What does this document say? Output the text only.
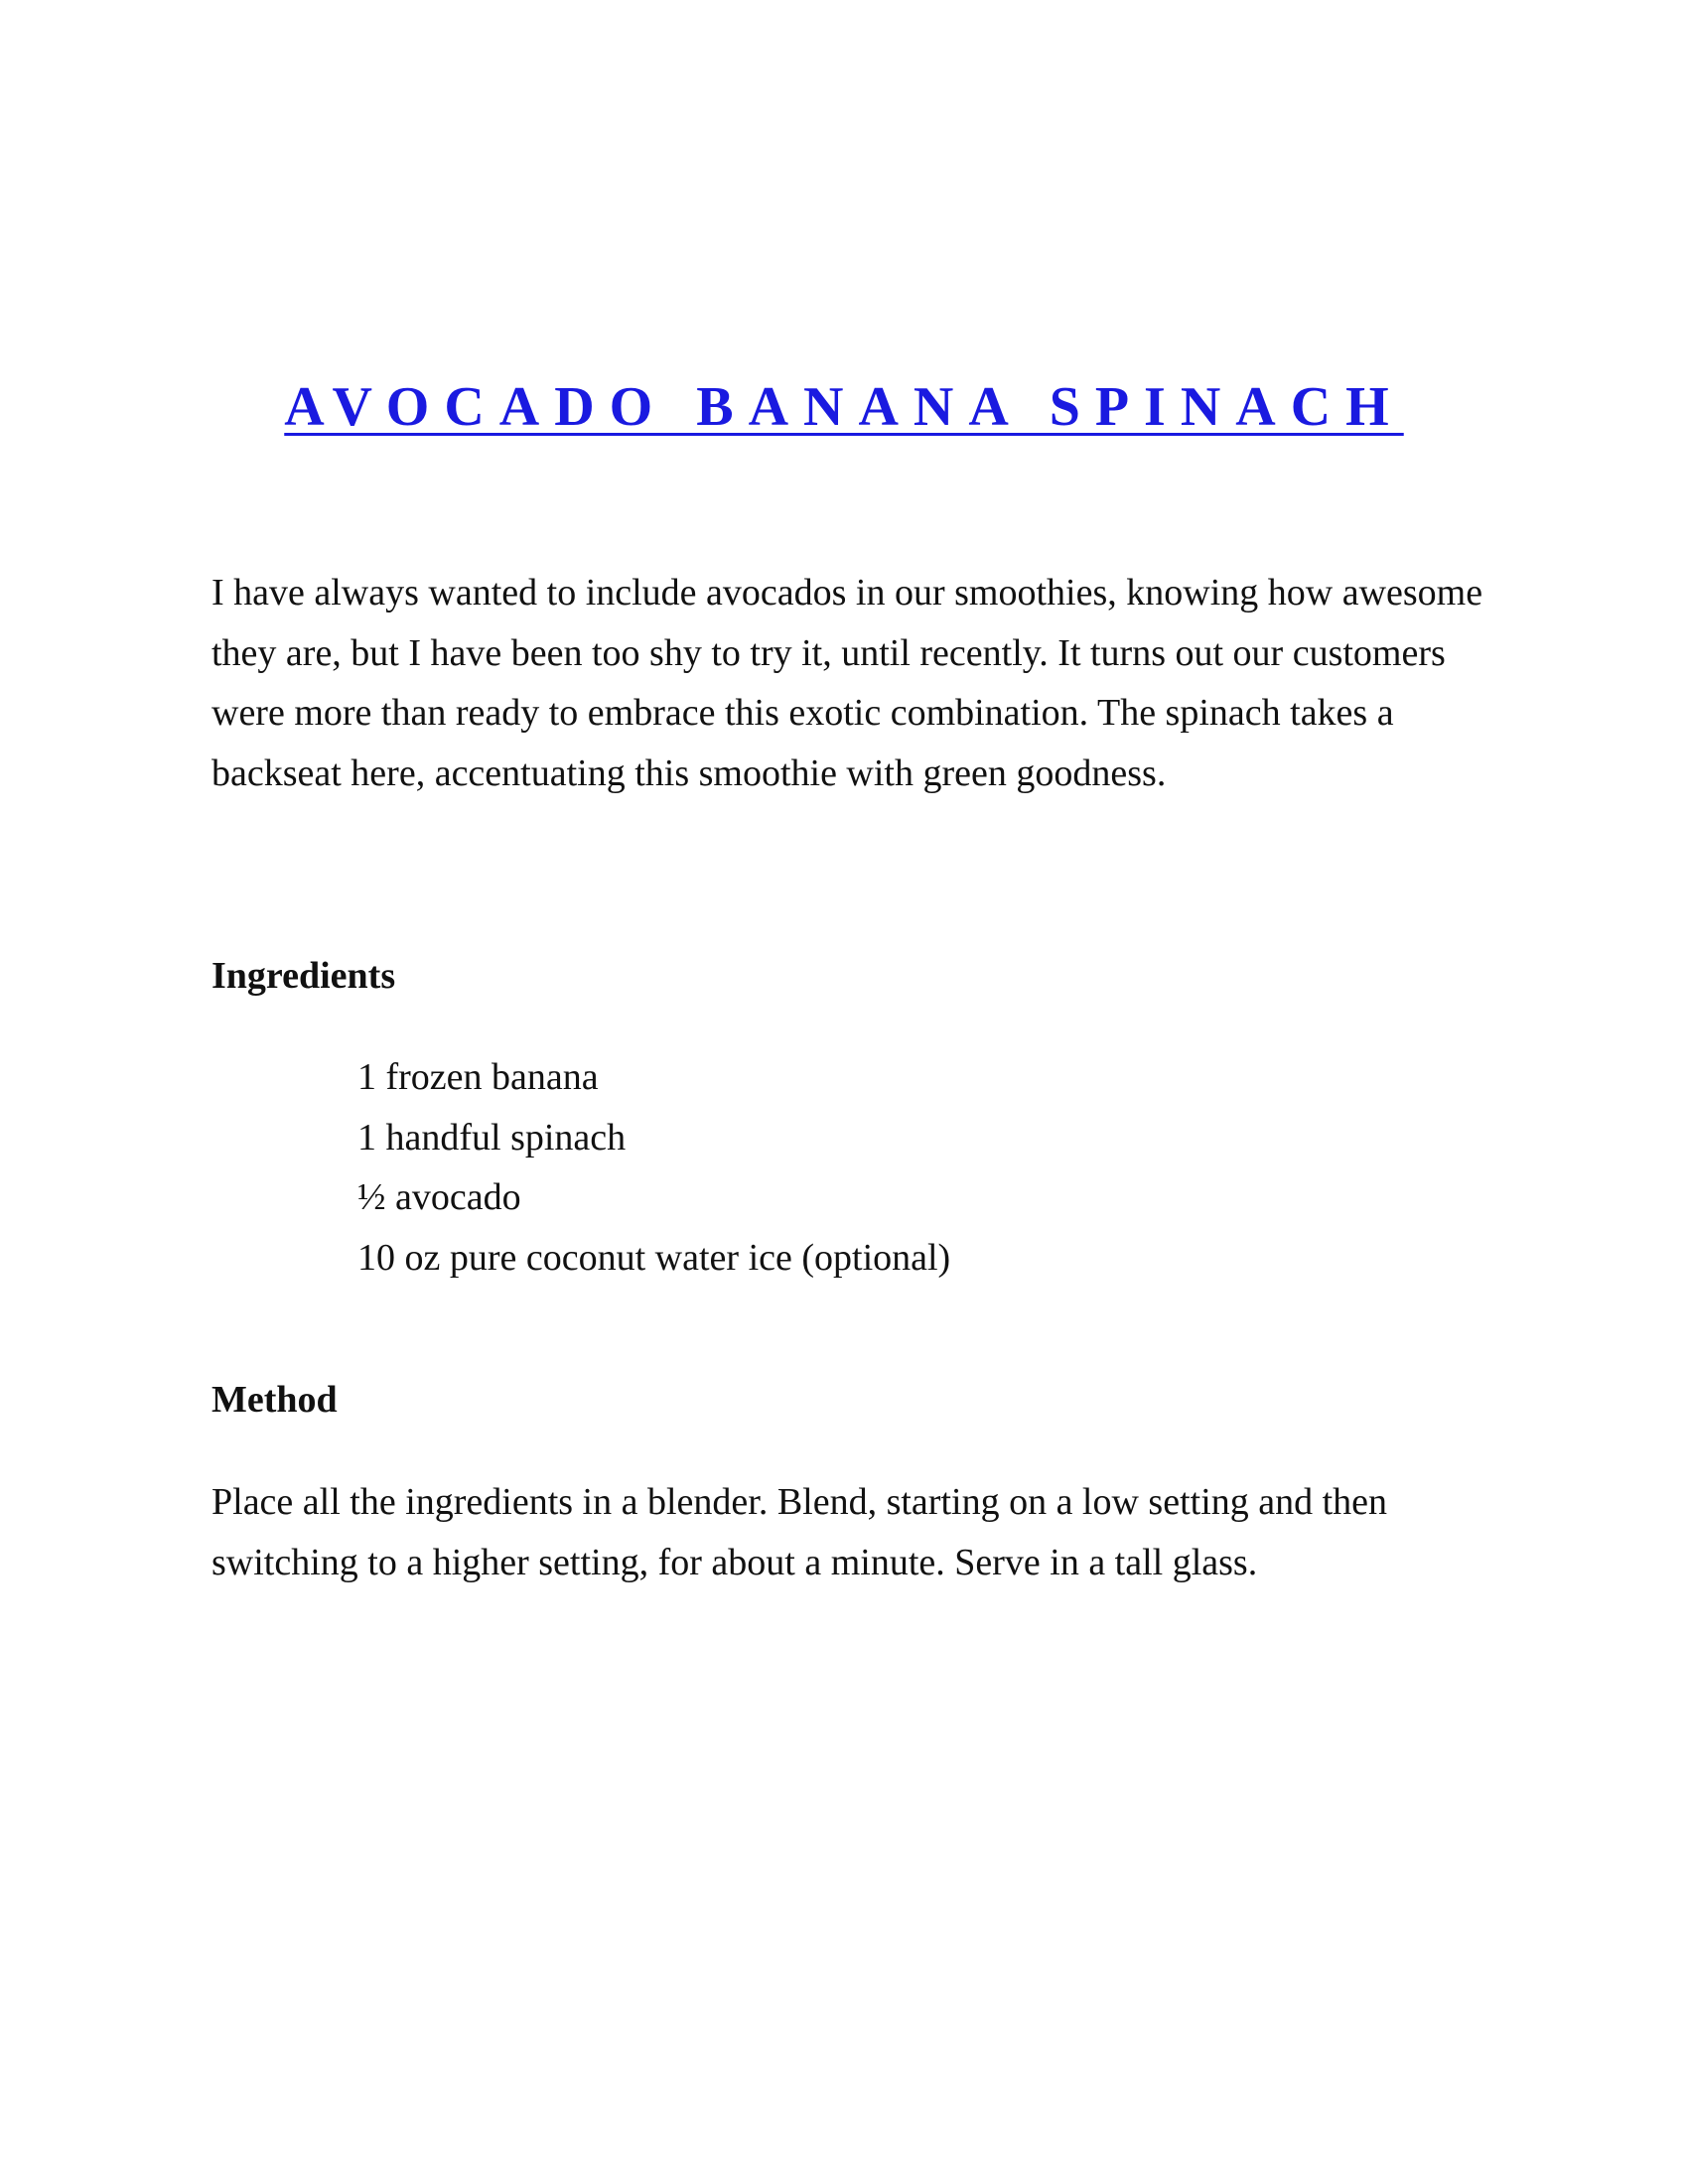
AVOCADO BANANA SPINACH

I have always wanted to include avocados in our smoothies, knowing how awesome they are, but I have been too shy to try it, until recently. It turns out our customers were more than ready to embrace this exotic combination. The spinach takes a backseat here, accentuating this smoothie with green goodness.

Ingredients
1 frozen banana
1 handful spinach
½ avocado
10 oz pure coconut water ice (optional)
Method

Place all the ingredients in a blender. Blend, starting on a low setting and then switching to a higher setting, for about a minute. Serve in a tall glass.
